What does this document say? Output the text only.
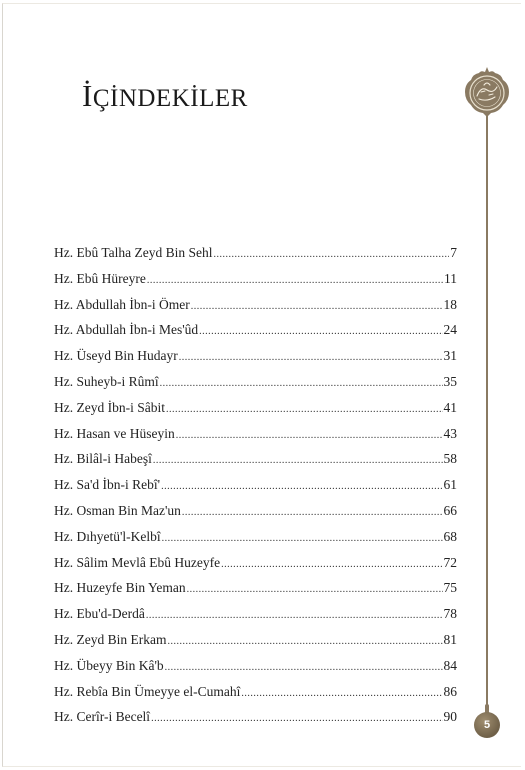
İÇİNDEKİLER
5
Hz. Ebû Talha Zeyd Bin Sehl .....	7
Hz. Ebû Hüreyre .....	11
Hz. Abdullah İbn-i Ömer .....	18
Hz. Abdullah İbn-i Mes'ûd .....	24
Hz. Üseyd Bin Hudayr .....	31
Hz. Suheyb-i Rûmî .....	35
Hz. Zeyd İbn-i Sâbit .....	41
Hz. Hasan ve Hüseyin .....	43
Hz. Bilâl-i Habeşî .....	58
Hz. Sa'd İbn-i Rebî' .....	61
Hz. Osman Bin Maz'un .....	66
Hz. Dıhyetü'l-Kelbî .....	68
Hz. Sâlim Mevlâ Ebû Huzeyfe .....	72
Hz. Huzeyfe Bin Yeman .....	75
Hz. Ebu'd-Derdâ .....	78
Hz. Zeyd Bin Erkam .....	81
Hz. Übeyy Bin Kâ'b .....	84
Hz. Rebîa Bin Ümeyye el-Cumahî .....	86
Hz. Cerîr-i Becelî .....	90
